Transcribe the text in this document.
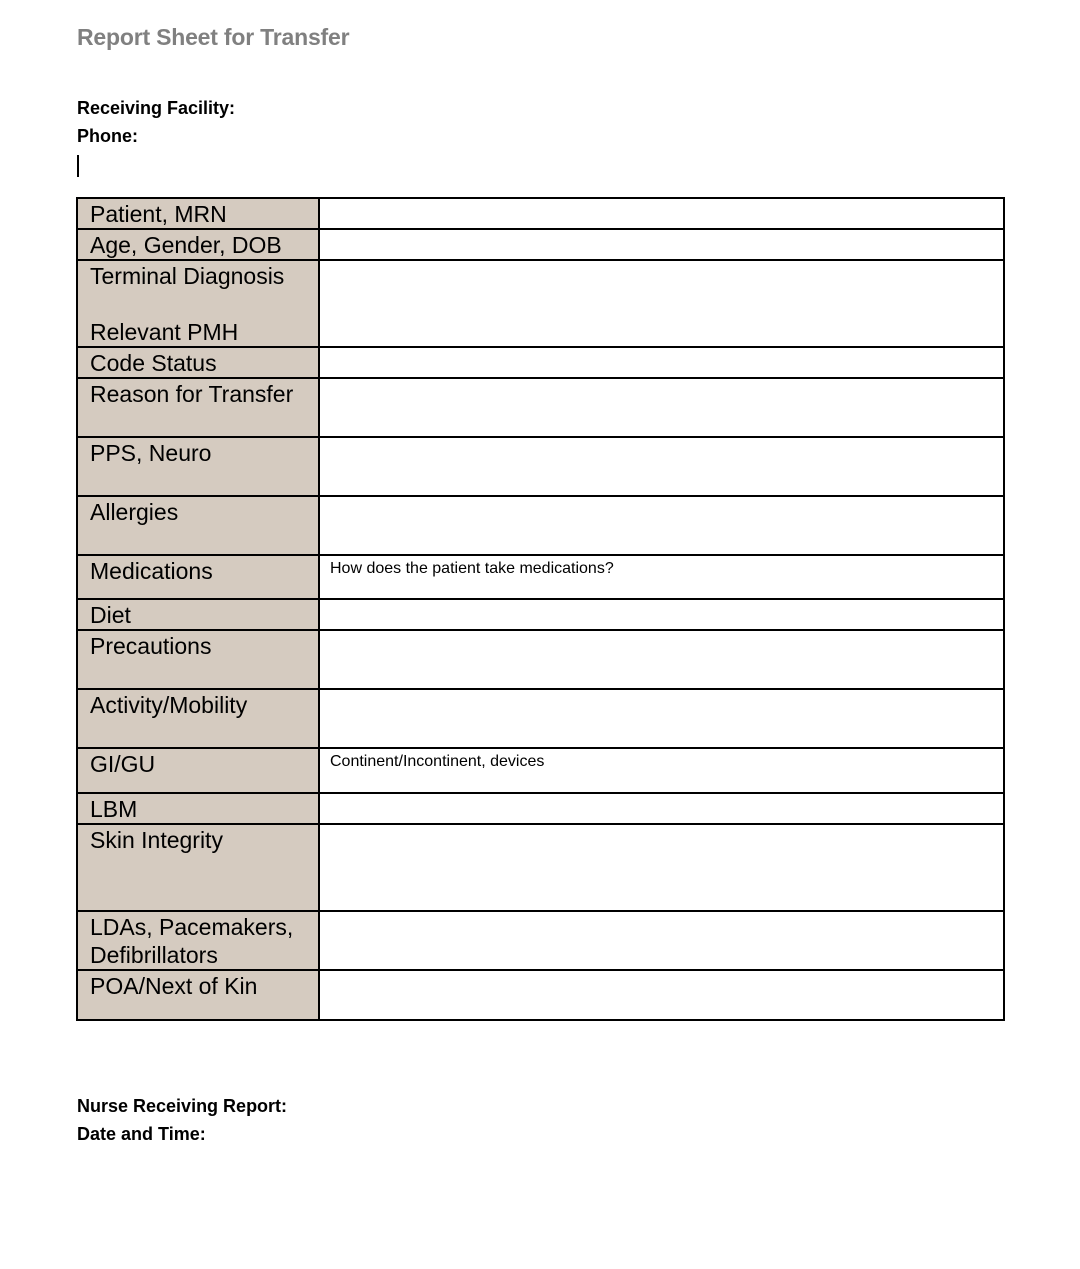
Report Sheet for Transfer
Receiving Facility:
Phone:
Patient, MRN	

Age, Gender, DOB	

Terminal Diagnosis
Relevant PMH	

Code Status	

Reason for Transfer	

PPS, Neuro	

Allergies	

Medications	How does the patient take medications?

Diet	

Precautions	

Activity/Mobility	

GI/GU	Continent/Incontinent, devices

LBM	

Skin Integrity	

LDAs, Pacemakers,
Defibrillators	

POA/Next of Kin	

Nurse Receiving Report:
Date and Time:
